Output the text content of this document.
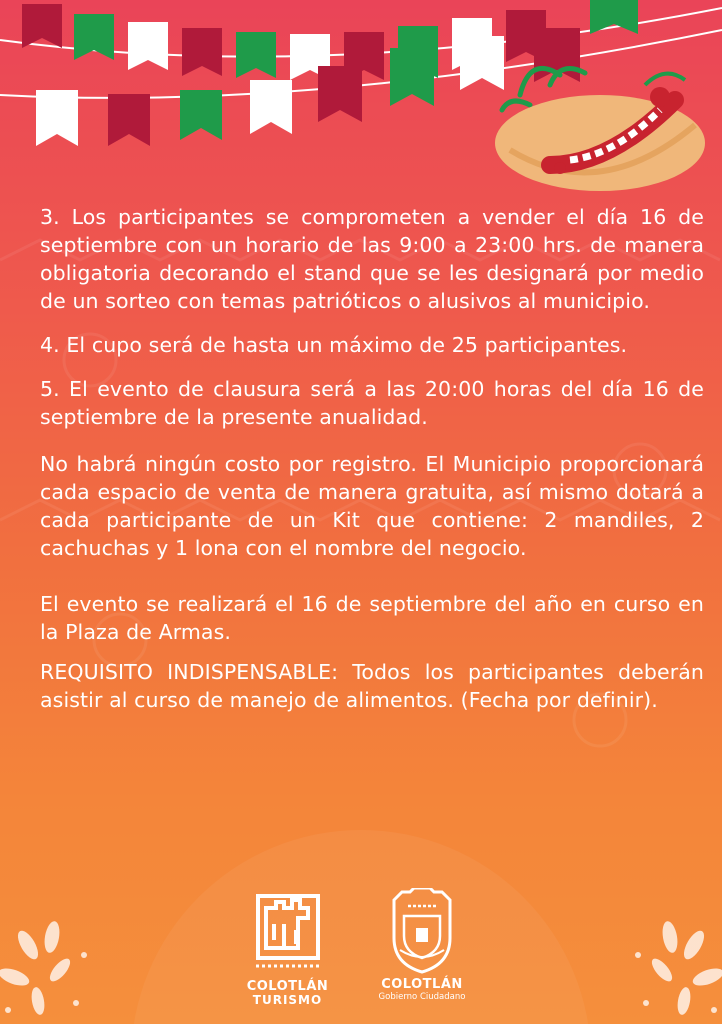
3. Los participantes se comprometen a vender el día 16 de septiembre con un horario de las 9:00 a 23:00 hrs. de manera obligatoria decorando el stand que se les designará por medio de un sorteo con temas patrióticos o alusivos al municipio.

4. El cupo será de hasta un máximo de 25 participantes.

5. El evento de clausura será a las 20:00 horas del día 16 de septiembre de la presente anualidad.

No habrá ningún costo por registro. El Municipio proporcionará cada espacio de venta de manera gratuita, así mismo dotará a cada participante de un Kit que contiene: 2 mandiles, 2 cachuchas y 1 lona con el nombre del negocio.

El evento se realizará el 16 de septiembre del año en curso en la Plaza de Armas.

REQUISITO INDISPENSABLE: Todos los participantes deberán asistir al curso de manejo de alimentos. (Fecha por definir).

COLOTLÁN
TURISMO
COLOTLÁN
Gobierno Ciudadano
